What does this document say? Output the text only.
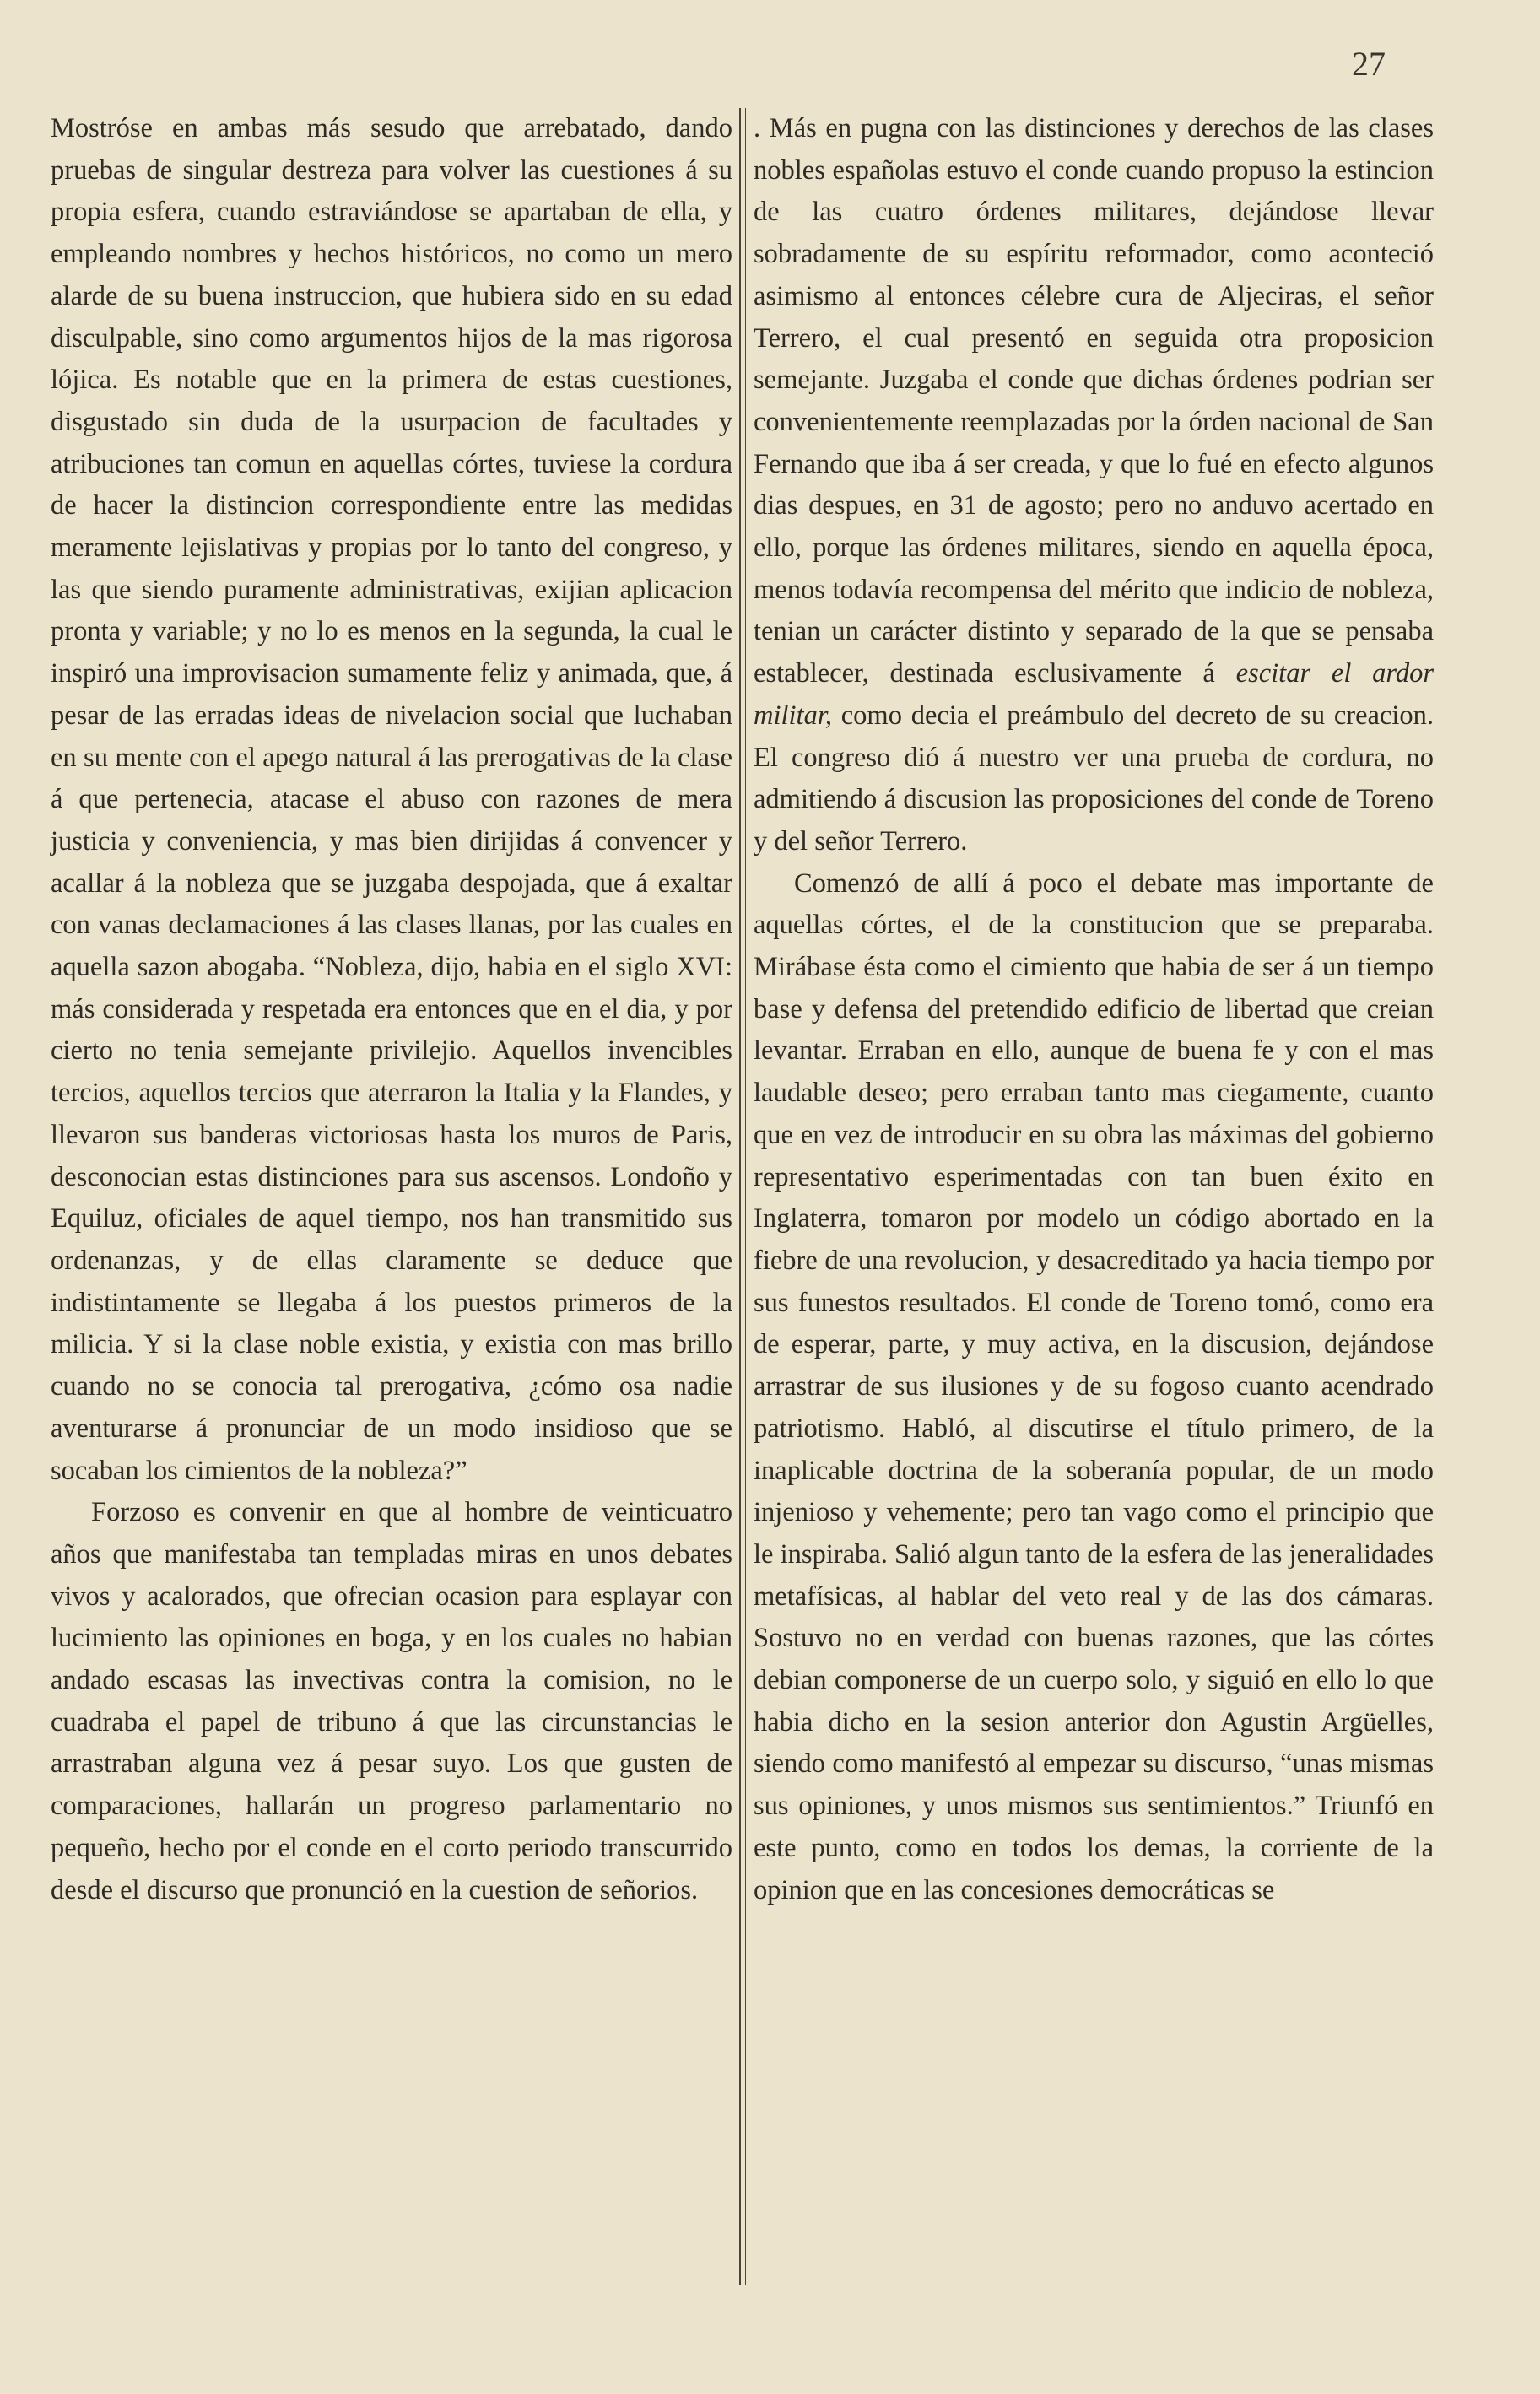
27

Mostróse en ambas más sesudo que arrebatado, dando pruebas de singular destreza para volver las cuestiones á su propia esfera, cuando estraviándose se apartaban de ella, y empleando nombres y hechos históricos, no como un mero alarde de su buena instruccion, que hubiera sido en su edad disculpable, sino como argumentos hijos de la mas rigorosa lójica. Es notable que en la primera de estas cuestiones, disgustado sin duda de la usurpacion de facultades y atribuciones tan comun en aquellas córtes, tuviese la cordura de hacer la distincion correspondiente entre las medidas meramente lejislativas y propias por lo tanto del congreso, y las que siendo puramente administrativas, exijian aplicacion pronta y variable; y no lo es menos en la segunda, la cual le inspiró una improvisacion sumamente feliz y animada, que, á pesar de las erradas ideas de nivelacion social que luchaban en su mente con el apego natural á las prerogativas de la clase á que pertenecia, atacase el abuso con razones de mera justicia y conveniencia, y mas bien dirijidas á convencer y acallar á la nobleza que se juzgaba despojada, que á exaltar con vanas declamaciones á las clases llanas, por las cuales en aquella sazon abogaba. “Nobleza, dijo, habia en el siglo XVI: más considerada y respetada era entonces que en el dia, y por cierto no tenia semejante privilejio. Aquellos invencibles tercios, aquellos tercios que aterraron la Italia y la Flandes, y llevaron sus banderas victoriosas hasta los muros de Paris, desconocian estas distinciones para sus ascensos. Londoño y Equiluz, oficiales de aquel tiempo, nos han transmitido sus ordenanzas, y de ellas claramente se deduce que indistintamente se llegaba á los puestos primeros de la milicia. Y si la clase noble existia, y existia con mas brillo cuando no se conocia tal prerogativa, ¿cómo osa nadie aventurarse á pronunciar de un modo insidioso que se socaban los cimientos de la nobleza?”

Forzoso es convenir en que al hombre de veinticuatro años que manifestaba tan templadas miras en unos debates vivos y acalorados, que ofrecian ocasion para esplayar con lucimiento las opiniones en boga, y en los cuales no habian andado escasas las invectivas contra la comision, no le cuadraba el papel de tribuno á que las circunstancias le arrastraban alguna vez á pesar suyo. Los que gusten de comparaciones, hallarán un progreso parlamentario no pequeño, hecho por el conde en el corto periodo transcurrido desde el discurso que pronunció en la cuestion de señorios.

. Más en pugna con las distinciones y derechos de las clases nobles españolas estuvo el conde cuando propuso la estincion de las cuatro órdenes militares, dejándose llevar sobradamente de su espíritu reformador, como aconteció asimismo al entonces célebre cura de Aljeciras, el señor Terrero, el cual presentó en seguida otra proposicion semejante. Juzgaba el conde que dichas órdenes podrian ser convenientemente reemplazadas por la órden nacional de San Fernando que iba á ser creada, y que lo fué en efecto algunos dias despues, en 31 de agosto; pero no anduvo acertado en ello, porque las órdenes militares, siendo en aquella época, menos todavía recompensa del mérito que indicio de nobleza, tenian un carácter distinto y separado de la que se pensaba establecer, destinada esclusivamente á escitar el ardor militar, como decia el preámbulo del decreto de su creacion. El congreso dió á nuestro ver una prueba de cordura, no admitiendo á discusion las proposiciones del conde de Toreno y del señor Terrero.

Comenzó de allí á poco el debate mas importante de aquellas córtes, el de la constitucion que se preparaba. Mirábase ésta como el cimiento que habia de ser á un tiempo base y defensa del pretendido edificio de libertad que creian levantar. Erraban en ello, aunque de buena fe y con el mas laudable deseo; pero erraban tanto mas ciegamente, cuanto que en vez de introducir en su obra las máximas del gobierno representativo esperimentadas con tan buen éxito en Inglaterra, tomaron por modelo un código abortado en la fiebre de una revolucion, y desacreditado ya hacia tiempo por sus funestos resultados. El conde de Toreno tomó, como era de esperar, parte, y muy activa, en la discusion, dejándose arrastrar de sus ilusiones y de su fogoso cuanto acendrado patriotismo. Habló, al discutirse el título primero, de la inaplicable doctrina de la soberanía popular, de un modo injenioso y vehemente; pero tan vago como el principio que le inspiraba. Salió algun tanto de la esfera de las jeneralidades metafísicas, al hablar del veto real y de las dos cámaras. Sostuvo no en verdad con buenas razones, que las córtes debian componerse de un cuerpo solo, y siguió en ello lo que habia dicho en la sesion anterior don Agustin Argüelles, siendo como manifestó al empezar su discurso, “unas mismas sus opiniones, y unos mismos sus sentimientos.” Triunfó en este punto, como en todos los demas, la corriente de la opinion que en las concesiones democráticas se
